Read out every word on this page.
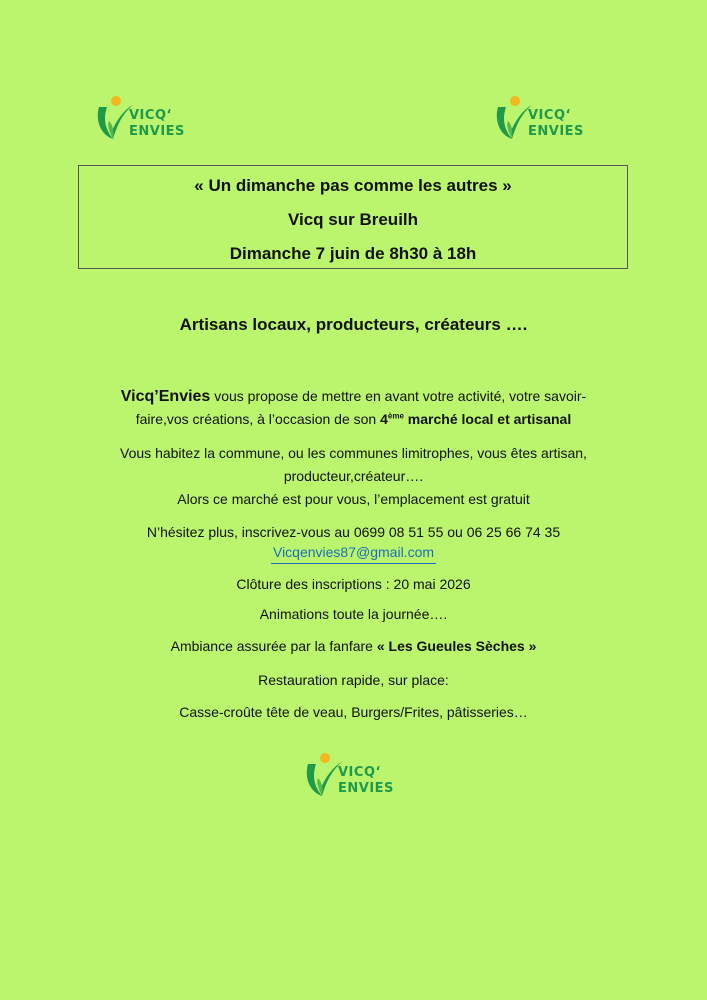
VICQ‘
ENVIES
VICQ‘
ENVIES
« Un dimanche pas comme les autres »
Vicq sur Breuilh
Dimanche 7 juin de 8h30 à 18h
Artisans locaux, producteurs, créateurs ….
Vicq’Envies vous propose de mettre en avant votre activité, votre savoir-
faire,vos créations, à l’occasion de son 4ème marché local et artisanal
Vous habitez la commune, ou les communes limitrophes, vous êtes artisan,
producteur,créateur….
Alors ce marché est pour vous, l’emplacement est gratuit
N’hésitez plus, inscrivez-vous au 0699 08 51 55 ou 06 25 66 74 35
Vicqenvies87@gmail.com
Clôture des inscriptions : 20 mai 2026
Animations toute la journée….
Ambiance assurée par la fanfare « Les Gueules Sèches »
Restauration rapide, sur place:
Casse-croûte tête de veau, Burgers/Frites, pâtisseries…
VICQ‘
ENVIES
